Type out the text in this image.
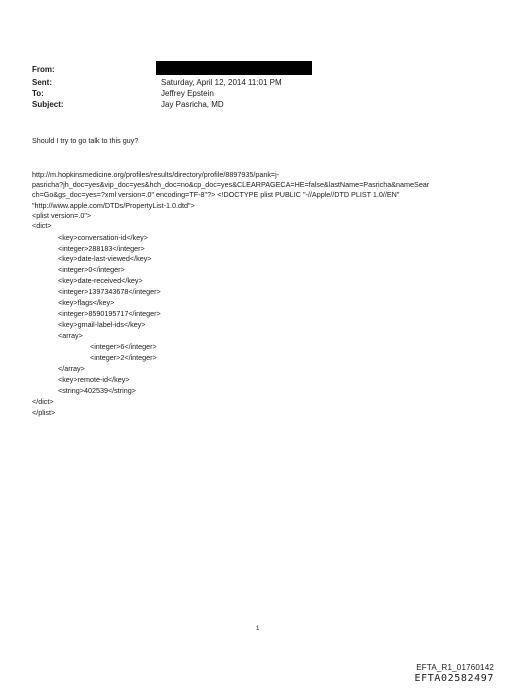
From:
Sent:	Saturday, April 12, 2014 11:01 PM
To:	Jeffrey Epstein
Subject:	Jay Pasricha, MD
Should I try to go talk to this guy?
http://m.hopkinsmedicine.org/profiles/results/directory/profile/8897935/pank=j-
pasricha?jh_doc=yes&vip_doc=yes&hch_doc=no&cp_doc=yes&CLEARPAGECA=HE=false&lastName=Pasricha&nameSear
ch=Go&gs_doc=yes=?xml version=.0" encoding=TF-8"?> <!DOCTYPE plist PUBLIC "-//Apple//DTD PLIST 1.0//EN"
"http://www.apple.com/DTDs/PropertyList-1.0.dtd">
<plist version=.0">
<dict>
<key>conversation-id</key>
<integer>288183</integer>
<key>date-last-viewed</key>
<integer>0</integer>
<key>date-received</key>
<integer>1397343678</integer>
<key>flags</key>
<integer>8590195717</integer>
<key>gmail-label-ids</key>
<array>
<integer>6</integer>
<integer>2</integer>
</array>
<key>remote-id</key>
<string>402539</string>
</dict>
</plist>
1
EFTA_R1_01760142
EFTA02582497
